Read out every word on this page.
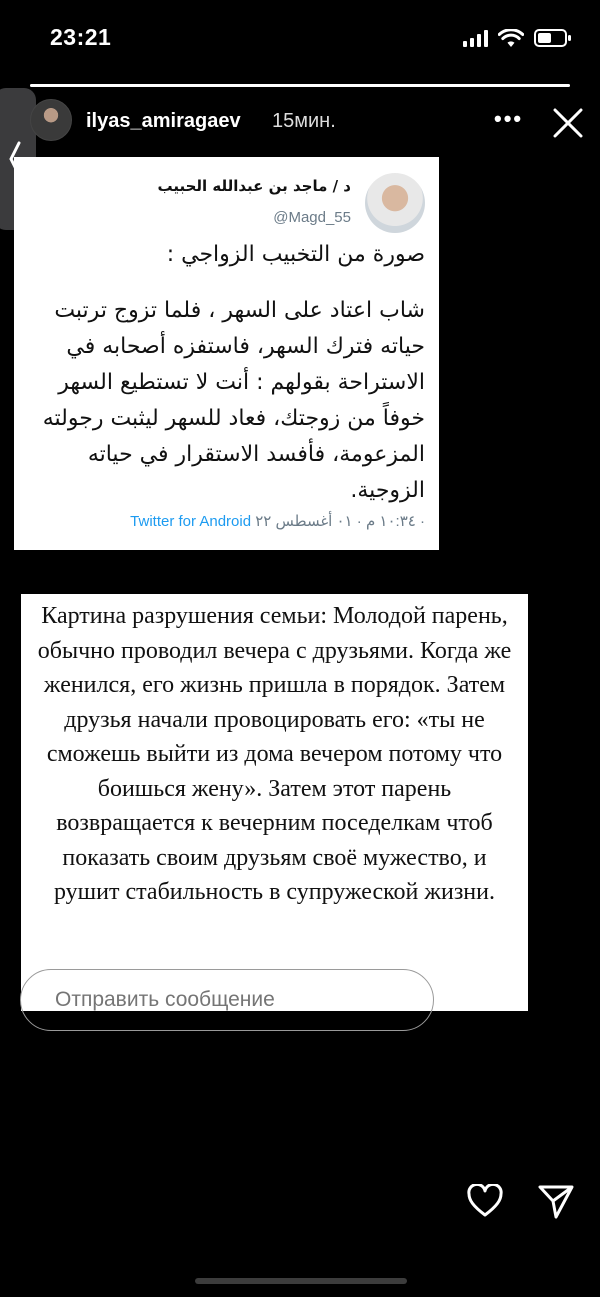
23:21
ilyas_amiragaev 15мин.	•••
د / ماجد بن عبدالله الحبيب
@Magd_55

صورة من التخبيب الزواجي :

شاب اعتاد على السهر ، فلما تزوج ترتبت حياته فترك السهر، فاستفزه أصحابه في الاستراحة بقولهم : أنت لا تستطيع السهر خوفاً من زوجتك، فعاد للسهر ليثبت رجولته المزعومة، فأفسد الاستقرار في حياته الزوجية.

Twitter for Android ١٠:٣٤ م · ٠١ أغسطس ٢٢ ·
Картина разрушения семьи: Молодой парень, обычно проводил вечера с друзьями. Когда же женился, его жизнь пришла в порядок. Затем друзья начали провоцировать его: «ты не сможешь выйти из дома вечером потому что боишься жену». Затем этот парень возвращается к вечерним поседелкам чтоб показать своим друзьям своё мужество, и рушит стабильность в супружеской жизни.
Отправить сообщение
